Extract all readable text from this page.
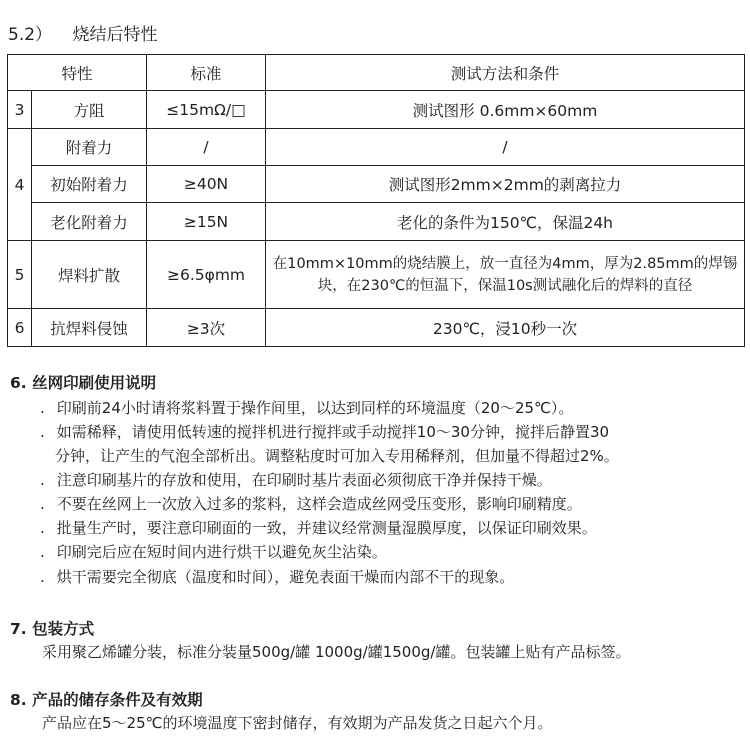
5.2） 烧结后特性
特性		标准	测试方法和条件
3	方阻	≤15mΩ/□	测试图形 0.6mm×60mm
4	附着力	/	/
	初始附着力	≥40N	测试图形2mm×2mm的剥离拉力
	老化附着力	≥15N	老化的条件为150℃，保温24h
5	焊料扩散	≥6.5φmm	在10mm×10mm的烧结膜上，放一直径为4mm，厚为2.85mm的焊锡块，在230℃的恒温下，保温10s测试融化后的焊料的直径
6	抗焊料侵蚀	≥3次	230℃，浸10秒一次
6. 丝网印刷使用说明
. 印刷前24小时请将浆料置于操作间里，以达到同样的环境温度（20～25℃）。
. 如需稀释，请使用低转速的搅拌机进行搅拌或手动搅拌10～30分钟，搅拌后静置30
分钟，让产生的气泡全部析出。调整粘度时可加入专用稀释剂，但加量不得超过2%。
. 注意印刷基片的存放和使用，在印刷时基片表面必须彻底干净并保持干燥。
. 不要在丝网上一次放入过多的浆料，这样会造成丝网受压变形，影响印刷精度。
. 批量生产时，要注意印刷面的一致，并建议经常测量湿膜厚度，以保证印刷效果。
. 印刷完后应在短时间内进行烘干以避免灰尘沾染。
. 烘干需要完全彻底（温度和时间），避免表面干燥而内部不干的现象。
7. 包装方式
采用聚乙烯罐分装，标准分装量500g/罐 1000g/罐1500g/罐。包装罐上贴有产品标签。
8. 产品的储存条件及有效期
产品应在5～25℃的环境温度下密封储存，有效期为产品发货之日起六个月。
